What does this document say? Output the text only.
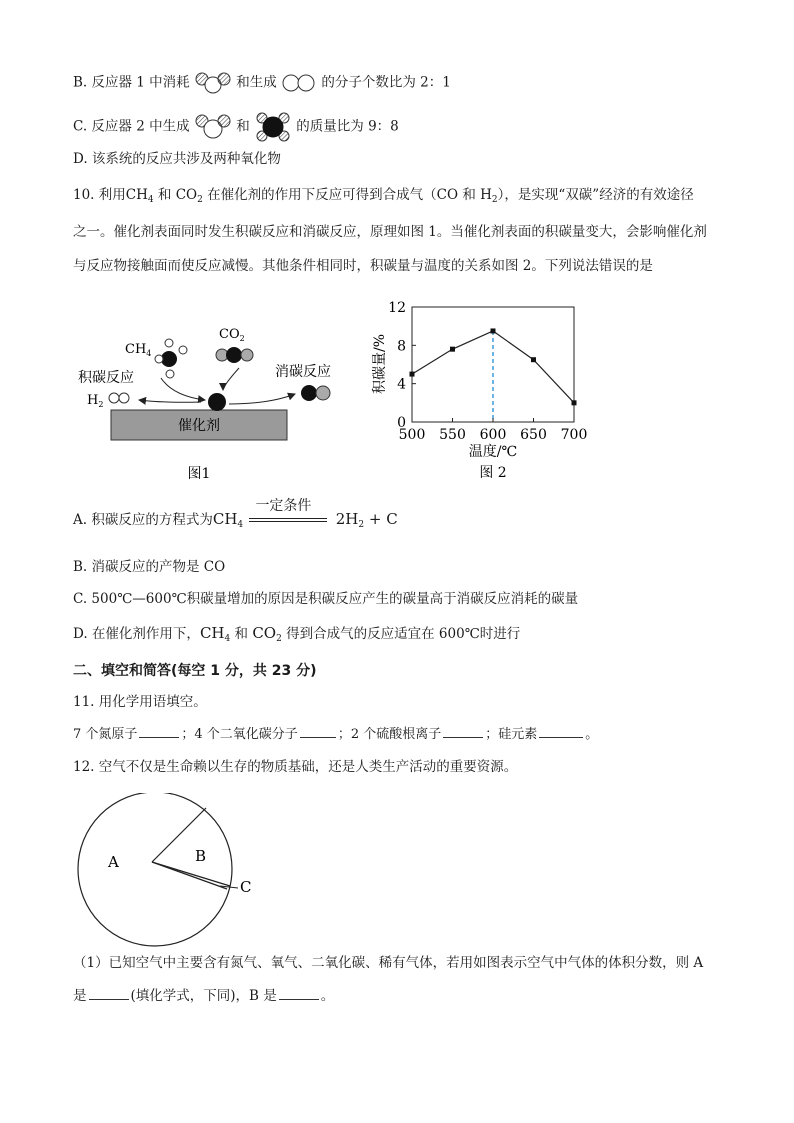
B. 反应器 1 中消耗	和生成	的分子个数比为 2：1
C. 反应器 2 中生成	和	的质量比为 9：8
D. 该系统的反应共涉及两种氧化物
10. 利用$CH_4$ 和 $CO_2$ 在催化剂的作用下反应可得到合成气（CO 和 $H_2$），是实现“双碳”经济的有效途径
之一。催化剂表面同时发生积碳反应和消碳反应，原理如图 1。当催化剂表面的积碳量变大，会影响催化剂
与反应物接触面而使反应减慢。其他条件相同时，积碳量与温度的关系如图 2。下列说法错误的是
催化剂
$CH_4$
$CO_2$
积碳反应
$H_2$
消碳反应
图1
500 550 600 650 700
0
4
8
12
温度/℃
积碳量/%
图 2
A. 积碳反应的方程式为$CH_4$
一定条件
$2H_2 + C$
B. 消碳反应的产物是 CO
C. 500℃—600℃积碳量增加的原因是积碳反应产生的碳量高于消碳反应消耗的碳量
D. 在催化剂作用下，$CH_4$ 和 $CO_2$ 得到合成气的反应适宜在 600℃时进行
二、填空和简答(每空 1 分，共 23 分)
11. 用化学用语填空。
7 个氮原子	；4 个二氧化碳分子	；2 个硫酸根离子	；硅元素	。
12. 空气不仅是生命赖以生存的物质基础，还是人类生产活动的重要资源。
A	B
C
（1）已知空气中主要含有氮气、氧气、二氧化碳、稀有气体，若用如图表示空气中气体的体积分数，则 A
是	(填化学式，下同)，B 是	。
